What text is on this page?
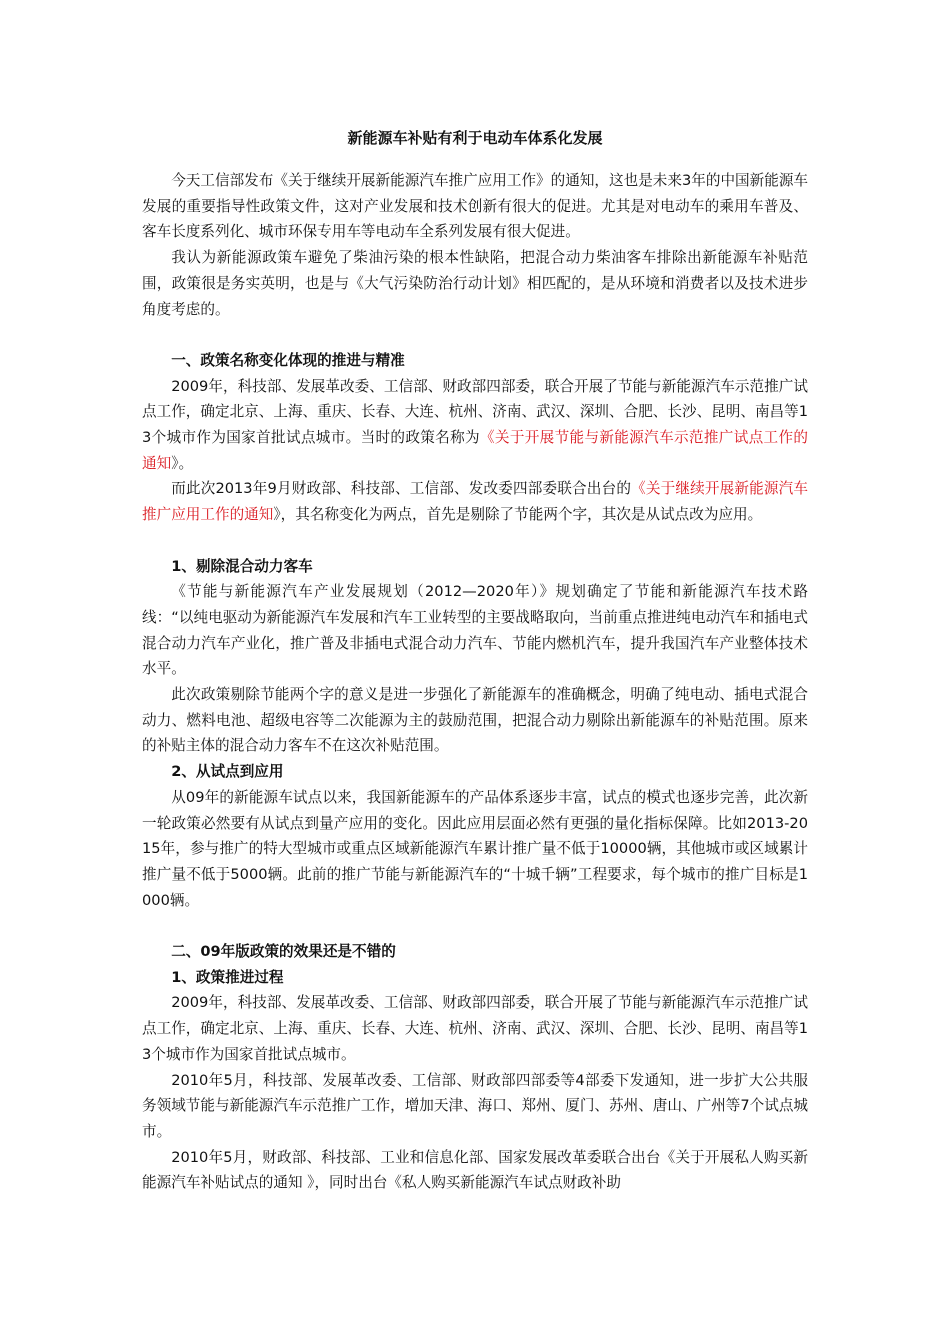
新能源车补贴有利于电动车体系化发展

今天工信部发布《关于继续开展新能源汽车推广应用工作》的通知，这也是未来3年的中国新能源车发展的重要指导性政策文件，这对产业发展和技术创新有很大的促进。尤其是对电动车的乘用车普及、客车长度系列化、城市环保专用车等电动车全系列发展有很大促进。

我认为新能源政策车避免了柴油污染的根本性缺陷，把混合动力柴油客车排除出新能源车补贴范围，政策很是务实英明，也是与《大气污染防治行动计划》相匹配的，是从环境和消费者以及技术进步角度考虑的。

一、政策名称变化体现的推进与精准

2009年，科技部、发展革改委、工信部、财政部四部委，联合开展了节能与新能源汽车示范推广试点工作，确定北京、上海、重庆、长春、大连、杭州、济南、武汉、深圳、合肥、长沙、昆明、南昌等13个城市作为国家首批试点城市。当时的政策名称为《关于开展节能与新能源汽车示范推广试点工作的通知》。

而此次2013年9月财政部、科技部、工信部、发改委四部委联合出台的《关于继续开展新能源汽车推广应用工作的通知》，其名称变化为两点，首先是剔除了节能两个字，其次是从试点改为应用。

1、剔除混合动力客车

《节能与新能源汽车产业发展规划（2012—2020年）》规划确定了节能和新能源汽车技术路线：“以纯电驱动为新能源汽车发展和汽车工业转型的主要战略取向，当前重点推进纯电动汽车和插电式混合动力汽车产业化，推广普及非插电式混合动力汽车、节能内燃机汽车，提升我国汽车产业整体技术水平。

此次政策剔除节能两个字的意义是进一步强化了新能源车的准确概念，明确了纯电动、插电式混合动力、燃料电池、超级电容等二次能源为主的鼓励范围，把混合动力剔除出新能源车的补贴范围。原来的补贴主体的混合动力客车不在这次补贴范围。

2、从试点到应用

从09年的新能源车试点以来，我国新能源车的产品体系逐步丰富，试点的模式也逐步完善，此次新一轮政策必然要有从试点到量产应用的变化。因此应用层面必然有更强的量化指标保障。比如2013-2015年，参与推广的特大型城市或重点区域新能源汽车累计推广量不低于10000辆，其他城市或区域累计推广量不低于5000辆。此前的推广节能与新能源汽车的“十城千辆”工程要求，每个城市的推广目标是1000辆。

二、09年版政策的效果还是不错的

1、政策推进过程

2009年，科技部、发展革改委、工信部、财政部四部委，联合开展了节能与新能源汽车示范推广试点工作，确定北京、上海、重庆、长春、大连、杭州、济南、武汉、深圳、合肥、长沙、昆明、南昌等13个城市作为国家首批试点城市。

2010年5月，科技部、发展革改委、工信部、财政部四部委等4部委下发通知，进一步扩大公共服务领域节能与新能源汽车示范推广工作，增加天津、海口、郑州、厦门、苏州、唐山、广州等7个试点城市。

2010年5月，财政部、科技部、工业和信息化部、国家发展改革委联合出台《关于开展私人购买新能源汽车补贴试点的通知 》，同时出台《私人购买新能源汽车试点财政补助
